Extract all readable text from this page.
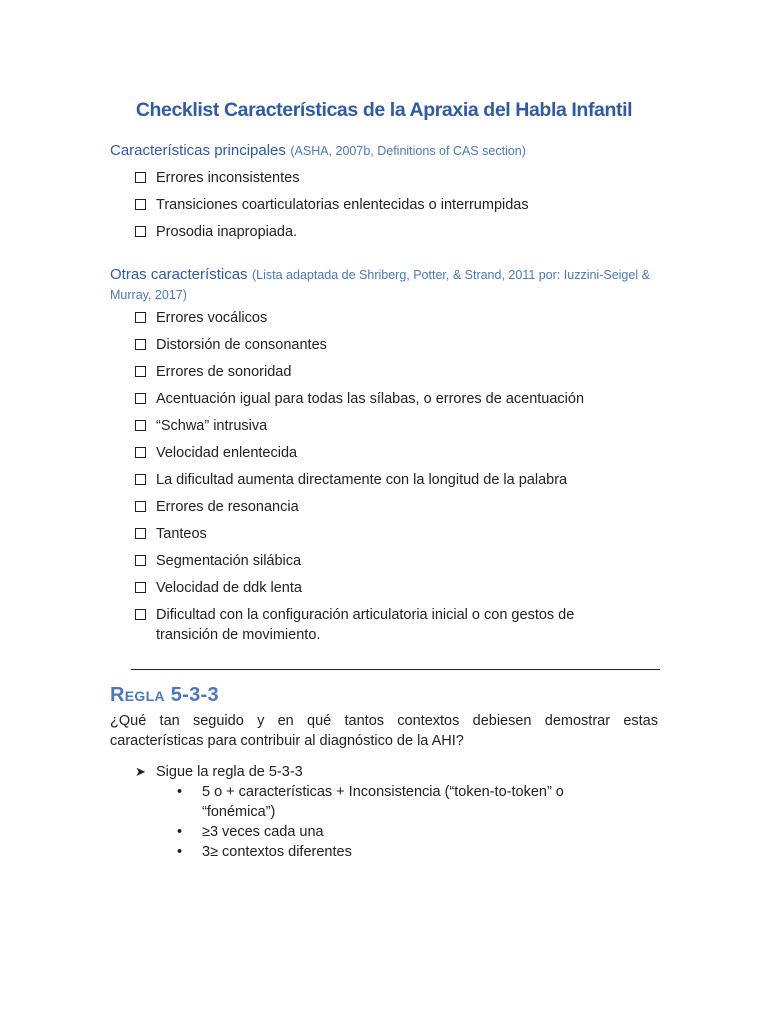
Checklist Características de la Apraxia del Habla Infantil
Características principales (ASHA, 2007b, Definitions of CAS section)
Errores inconsistentes
Transiciones coarticulatorias enlentecidas o interrumpidas
Prosodia inapropiada.
Otras características (Lista adaptada de Shriberg, Potter, & Strand, 2011 por: Iuzzini-Seigel & Murray, 2017)
Errores vocálicos
Distorsión de consonantes
Errores de sonoridad
Acentuación igual para todas las sílabas, o errores de acentuación
“Schwa” intrusiva
Velocidad enlentecida
La dificultad aumenta directamente con la longitud de la palabra
Errores de resonancia
Tanteos
Segmentación silábica
Velocidad de ddk lenta
Dificultad con la configuración articulatoria inicial o con gestos de transición de movimiento.
Regla 5-3-3
¿Qué tan seguido y en qué tantos contextos debiesen demostrar estas características para contribuir al diagnóstico de la AHI?
➤ Sigue la regla de 5-3-3
• 5 o + características + Inconsistencia (“token-to-token” o “fonémica”)
• ≥3 veces cada una
• 3≥ contextos diferentes
